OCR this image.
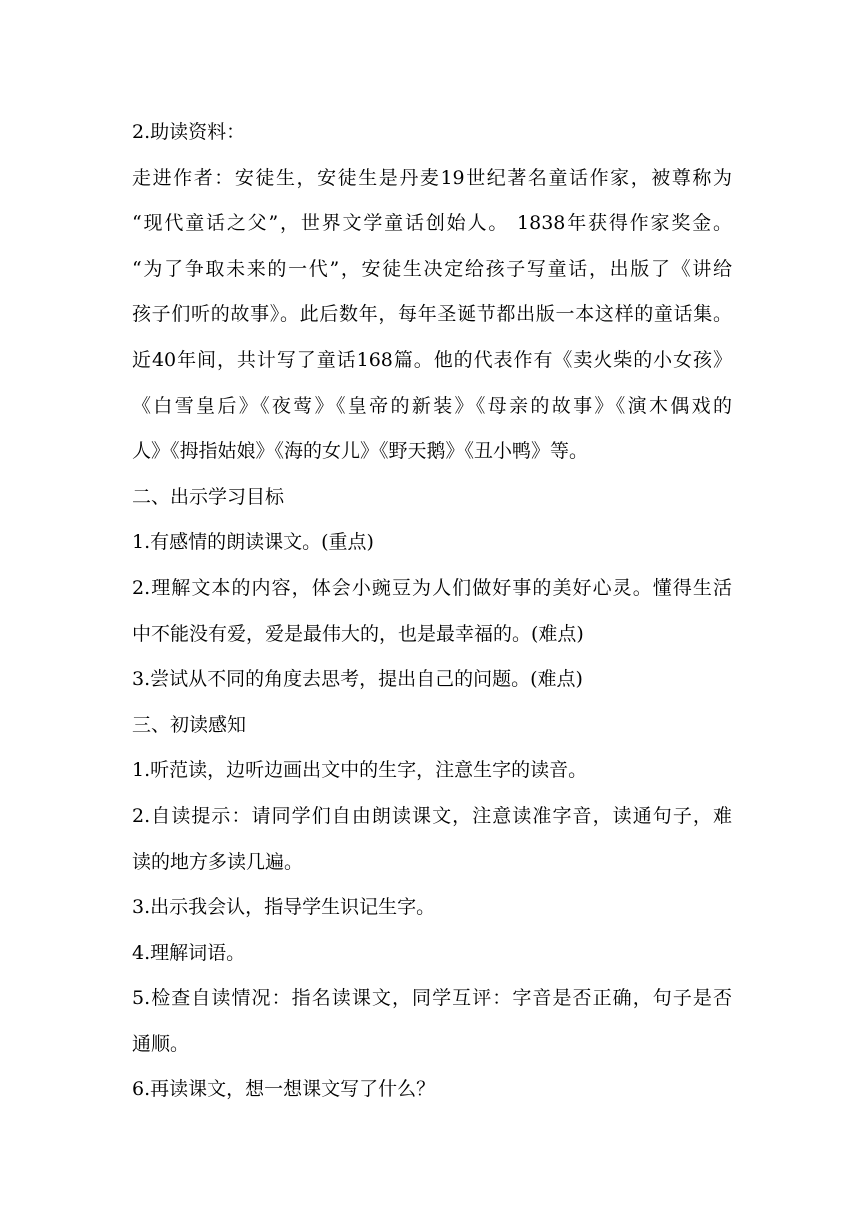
2.助读资料：
走进作者：安徒生，安徒生是丹麦19世纪著名童话作家，被尊称为
“现代童话之父”，世界文学童话创始人。 1838年获得作家奖金。
“为了争取未来的一代”，安徒生决定给孩子写童话，出版了《讲给
孩子们听的故事》。此后数年，每年圣诞节都出版一本这样的童话集。
近40年间，共计写了童话168篇。他的代表作有《卖火柴的小女孩》
《白雪皇后》《夜莺》《皇帝的新装》《母亲的故事》《演木偶戏的
人》《拇指姑娘》《海的女儿》《野天鹅》《丑小鸭》等。
二、出示学习目标
1.有感情的朗读课文。(重点)
2.理解文本的内容，体会小豌豆为人们做好事的美好心灵。懂得生活
中不能没有爱，爱是最伟大的，也是最幸福的。(难点)
3.尝试从不同的角度去思考，提出自己的问题。(难点)
三、初读感知
1.听范读，边听边画出文中的生字，注意生字的读音。
2.自读提示：请同学们自由朗读课文，注意读准字音，读通句子，难
读的地方多读几遍。
3.出示我会认，指导学生识记生字。
4.理解词语。
5.检查自读情况：指名读课文，同学互评：字音是否正确，句子是否
通顺。
6.再读课文，想一想课文写了什么？
